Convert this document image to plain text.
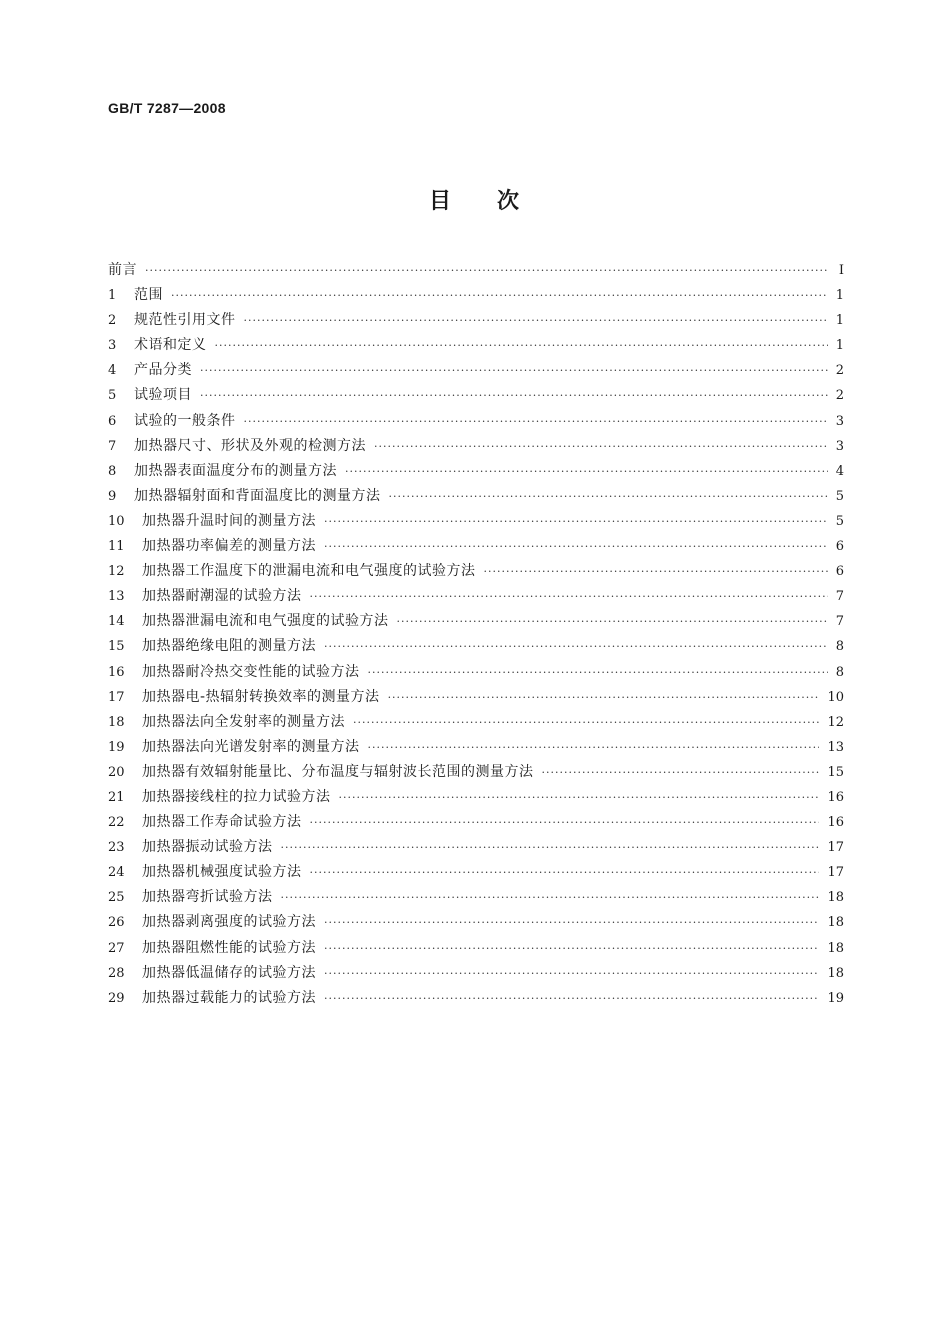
GB/T 7287—2008
目 次
前言 ·····	Ⅰ
1	范围 ·····	1
2	规范性引用文件 ·····	1
3	术语和定义 ·····	1
4	产品分类 ·····	2
5	试验项目 ·····	2
6	试验的一般条件 ·····	3
7	加热器尺寸、形状及外观的检测方法 ·····	3
8	加热器表面温度分布的测量方法 ·····	4
9	加热器辐射面和背面温度比的测量方法 ·····	5
10	加热器升温时间的测量方法 ·····	5
11	加热器功率偏差的测量方法 ·····	6
12	加热器工作温度下的泄漏电流和电气强度的试验方法 ·····	6
13	加热器耐潮湿的试验方法 ·····	7
14	加热器泄漏电流和电气强度的试验方法 ·····	7
15	加热器绝缘电阻的测量方法 ·····	8
16	加热器耐冷热交变性能的试验方法 ·····	8
17	加热器电-热辐射转换效率的测量方法 ·····	10
18	加热器法向全发射率的测量方法 ·····	12
19	加热器法向光谱发射率的测量方法 ·····	13
20	加热器有效辐射能量比、分布温度与辐射波长范围的测量方法 ·····	15
21	加热器接线柱的拉力试验方法 ·····	16
22	加热器工作寿命试验方法 ·····	16
23	加热器振动试验方法 ·····	17
24	加热器机械强度试验方法 ·····	17
25	加热器弯折试验方法 ·····	18
26	加热器剥离强度的试验方法 ·····	18
27	加热器阻燃性能的试验方法 ·····	18
28	加热器低温储存的试验方法 ·····	18
29	加热器过载能力的试验方法 ·····	19
